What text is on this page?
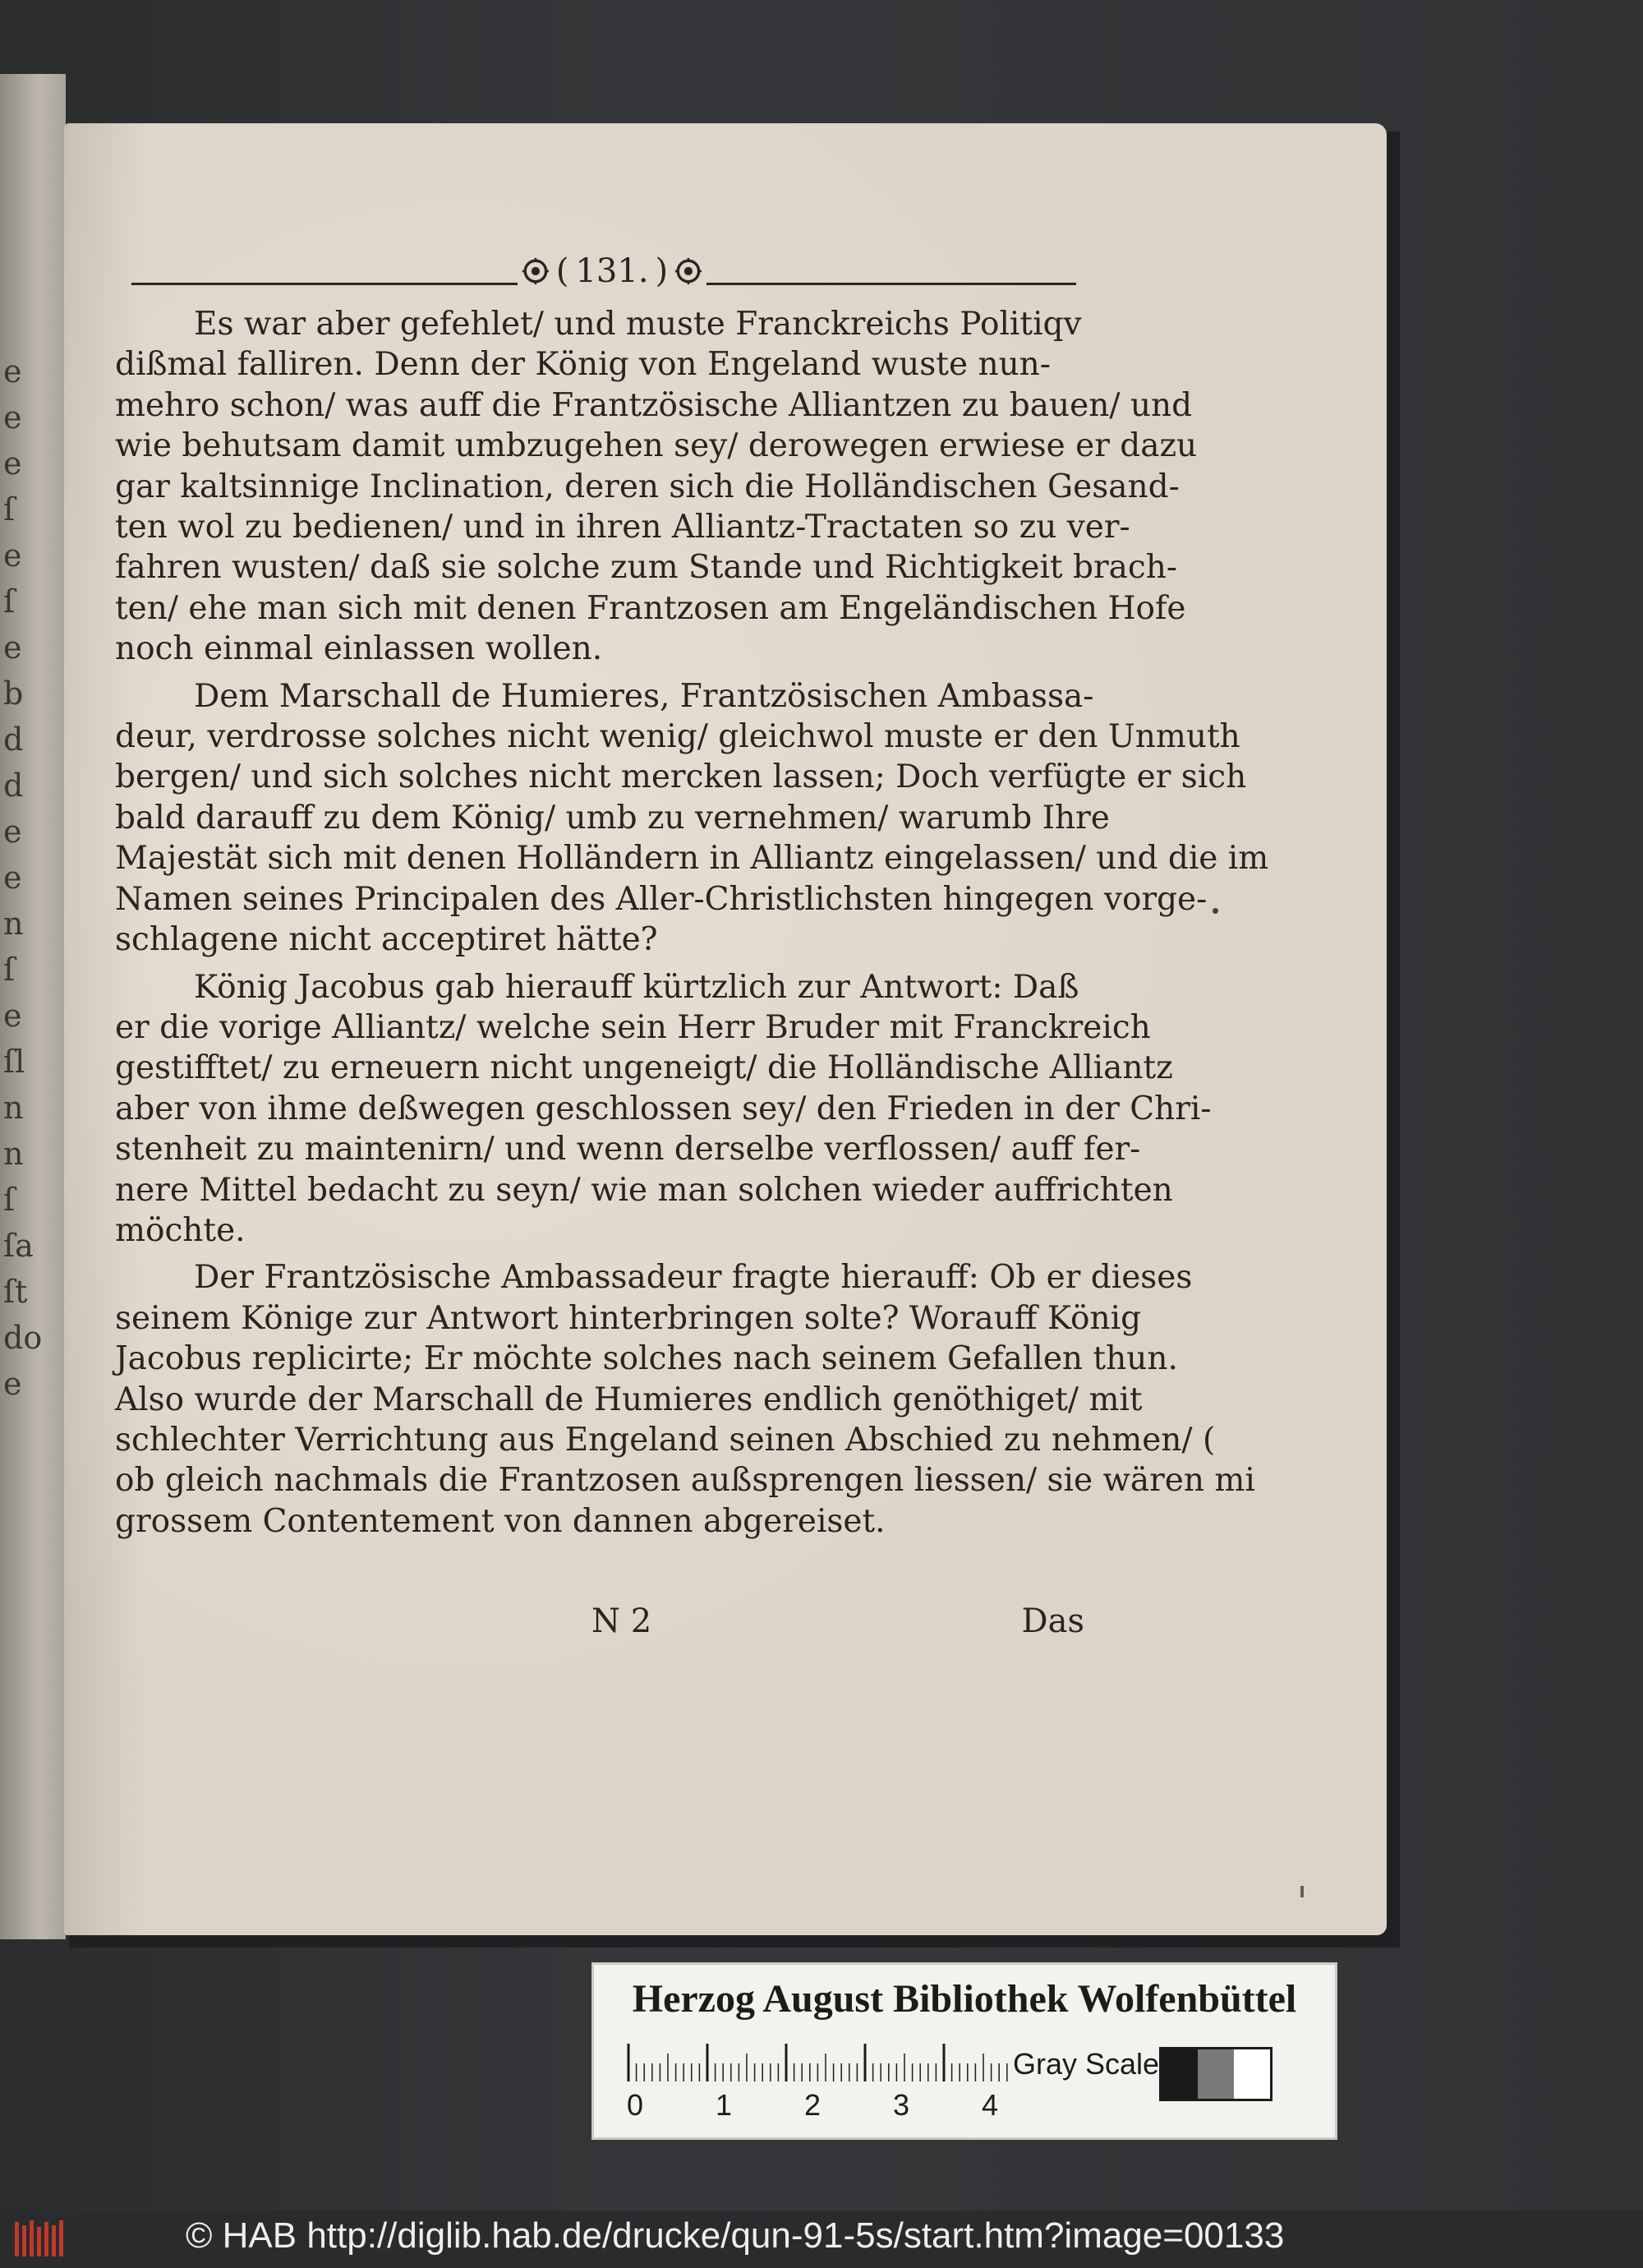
e
e
e
ſ
e
ſ
e
b
d
d
e
e
n
ſ
e
ſl
n
n
ſ
ſa
ſt
do
e
( 131. )

Es war aber gefehlet/ und muste Franckreichs Politiqv
dißmal falliren. Denn der König von Engeland wuste nun-
mehro schon/ was auff die Frantzösische Alliantzen zu bauen/ und
wie behutsam damit umbzugehen sey/ derowegen erwiese er dazu
gar kaltsinnige Inclination, deren sich die Holländischen Gesand-
ten wol zu bedienen/ und in ihren Alliantz-Tractaten so zu ver-
fahren wusten/ daß sie solche zum Stande und Richtigkeit brach-
ten/ ehe man sich mit denen Frantzosen am Engeländischen Hofe
noch einmal einlassen wollen.

Dem Marschall de Humieres, Frantzösischen Ambassa-
deur, verdrosse solches nicht wenig/ gleichwol muste er den Unmuth
bergen/ und sich solches nicht mercken lassen; Doch verfügte er sich
bald darauff zu dem König/ umb zu vernehmen/ warumb Ihre
Majestät sich mit denen Holländern in Alliantz eingelassen/ und die im
Namen seines Principalen des Aller-Christlichsten hingegen vorge-
schlagene nicht acceptiret hätte?

König Jacobus gab hierauff kürtzlich zur Antwort: Daß
er die vorige Alliantz/ welche sein Herr Bruder mit Franckreich
gestifftet/ zu erneuern nicht ungeneigt/ die Holländische Alliantz
aber von ihme deßwegen geschlossen sey/ den Frieden in der Chri-
stenheit zu maintenirn/ und wenn derselbe verflossen/ auff fer-
nere Mittel bedacht zu seyn/ wie man solchen wieder auffrichten
möchte.

Der Frantzösische Ambassadeur fragte hierauff: Ob er dieses
seinem Könige zur Antwort hinterbringen solte? Worauff König
Jacobus replicirte; Er möchte solches nach seinem Gefallen thun.
Also wurde der Marschall de Humieres endlich genöthiget/ mit
schlechter Verrichtung aus Engeland seinen Abschied zu nehmen/ (
ob gleich nachmals die Frantzosen außsprengen liessen/ sie wären mi
grossem Contentement von dannen abgereiset.

N 2	Das
Herzog August Bibliothek Wolfenbüttel
0 1 2 3 4
Gray Scale
© HAB http://diglib.hab.de/drucke/qun-91-5s/start.htm?image=00133
